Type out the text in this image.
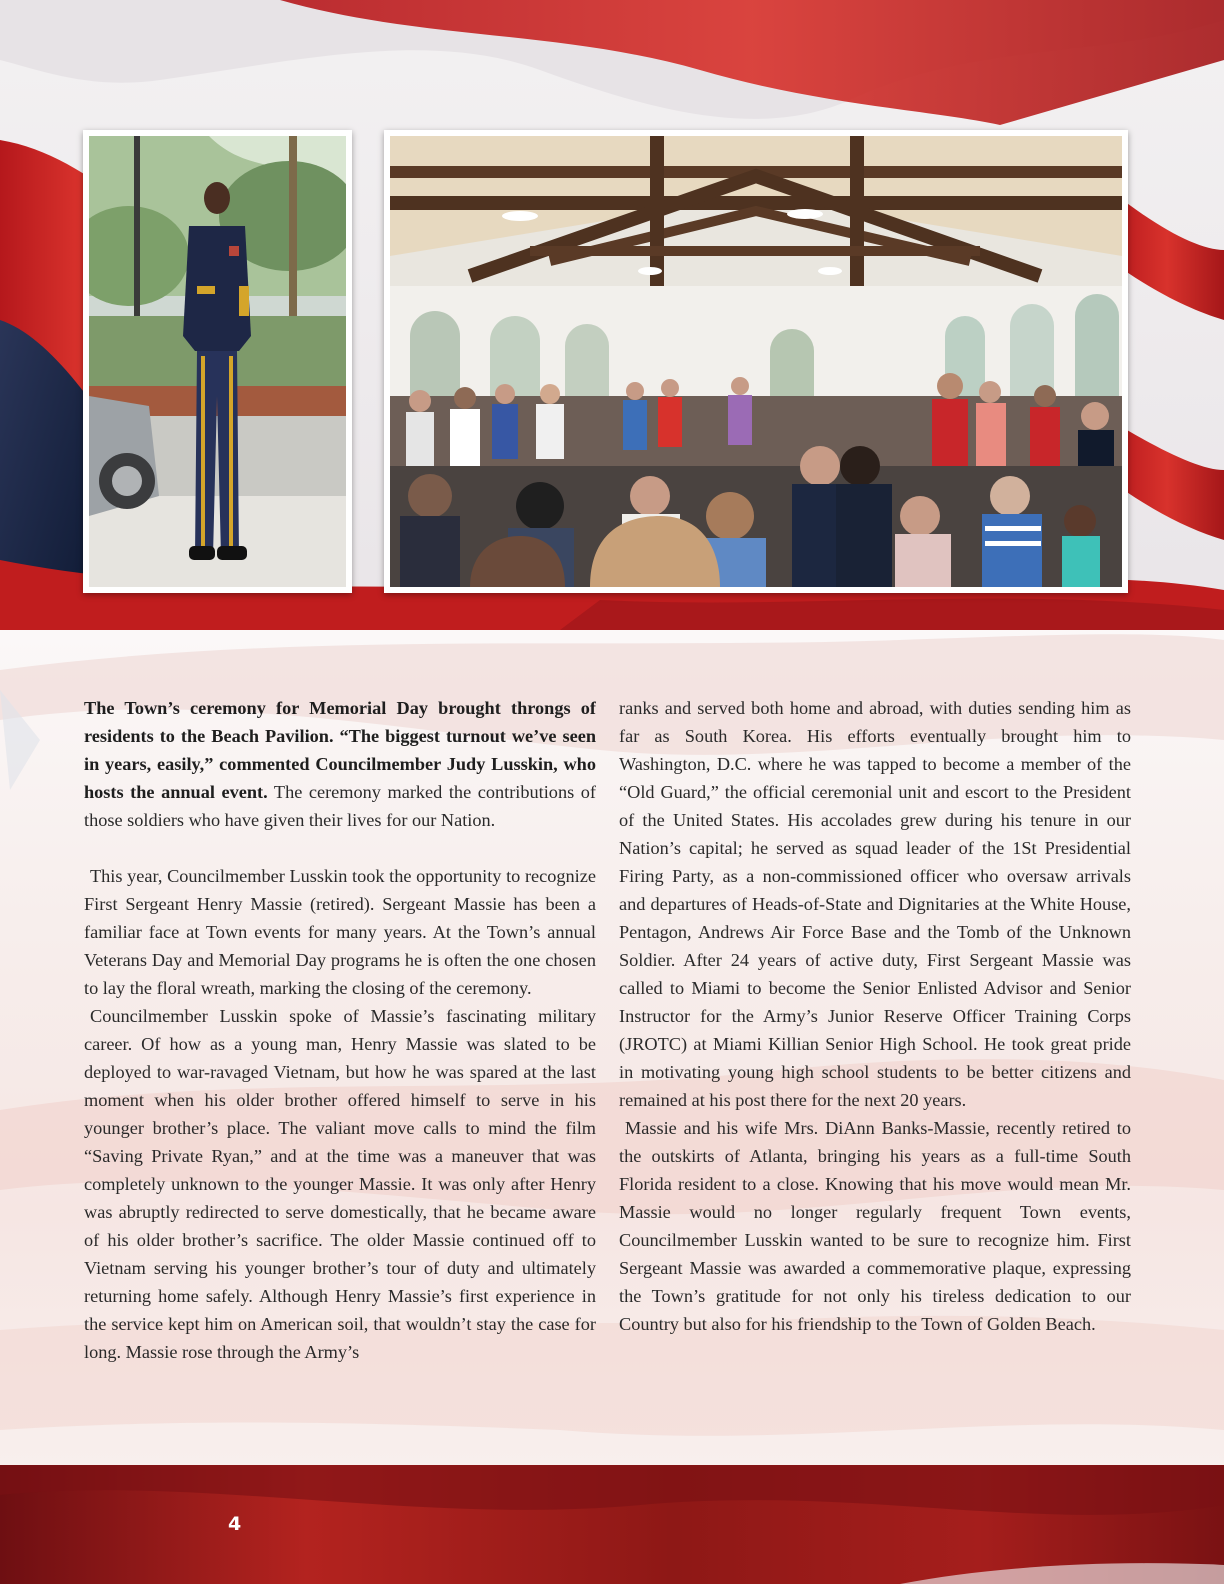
The Town’s ceremony for Memorial Day brought throngs of residents to the Beach Pavilion. “The biggest turnout we’ve seen in years, easily,” commented Councilmember Judy Lusskin, who hosts the annual event. The ceremony marked the contributions of those soldiers who have given their lives for our Nation.

This year, Councilmember Lusskin took the opportunity to recognize First Sergeant Henry Massie (retired). Sergeant Massie has been a familiar face at Town events for many years. At the Town’s annual Veterans Day and Memorial Day programs he is often the one chosen to lay the floral wreath, marking the closing of the ceremony.

Councilmember Lusskin spoke of Massie’s fascinating military career. Of how as a young man, Henry Massie was slated to be deployed to war-ravaged Vietnam, but how he was spared at the last moment when his older brother offered himself to serve in his younger brother’s place. The valiant move calls to mind the film “Saving Private Ryan,” and at the time was a maneuver that was completely unknown to the younger Massie. It was only after Henry was abruptly redirected to serve domestically, that he became aware of his older brother’s sacrifice. The older Massie continued off to Vietnam serving his younger brother’s tour of duty and ultimately returning home safely. Although Henry Massie’s first experience in the service kept him on American soil, that wouldn’t stay the case for long. Massie rose through the Army’s

ranks and served both home and abroad, with duties sending him as far as South Korea. His efforts eventually brought him to Washington, D.C. where he was tapped to become a member of the “Old Guard,” the official ceremonial unit and escort to the President of the United States. His accolades grew during his tenure in our Nation’s capital; he served as squad leader of the 1St Presidential Firing Party, as a non-commissioned officer who oversaw arrivals and departures of Heads-of-State and Dignitaries at the White House, Pentagon, Andrews Air Force Base and the Tomb of the Unknown Soldier. After 24 years of active duty, First Sergeant Massie was called to Miami to become the Senior Enlisted Advisor and Senior Instructor for the Army’s Junior Reserve Officer Training Corps (JROTC) at Miami Killian Senior High School. He took great pride in motivating young high school students to be better citizens and remained at his post there for the next 20 years.

Massie and his wife Mrs. DiAnn Banks-Massie, recently retired to the outskirts of Atlanta, bringing his years as a full-time South Florida resident to a close. Knowing that his move would mean Mr. Massie would no longer regularly frequent Town events, Councilmember Lusskin wanted to be sure to recognize him. First Sergeant Massie was awarded a commemorative plaque, expressing the Town’s gratitude for not only his tireless dedication to our Country but also for his friendship to the Town of Golden Beach.

4
